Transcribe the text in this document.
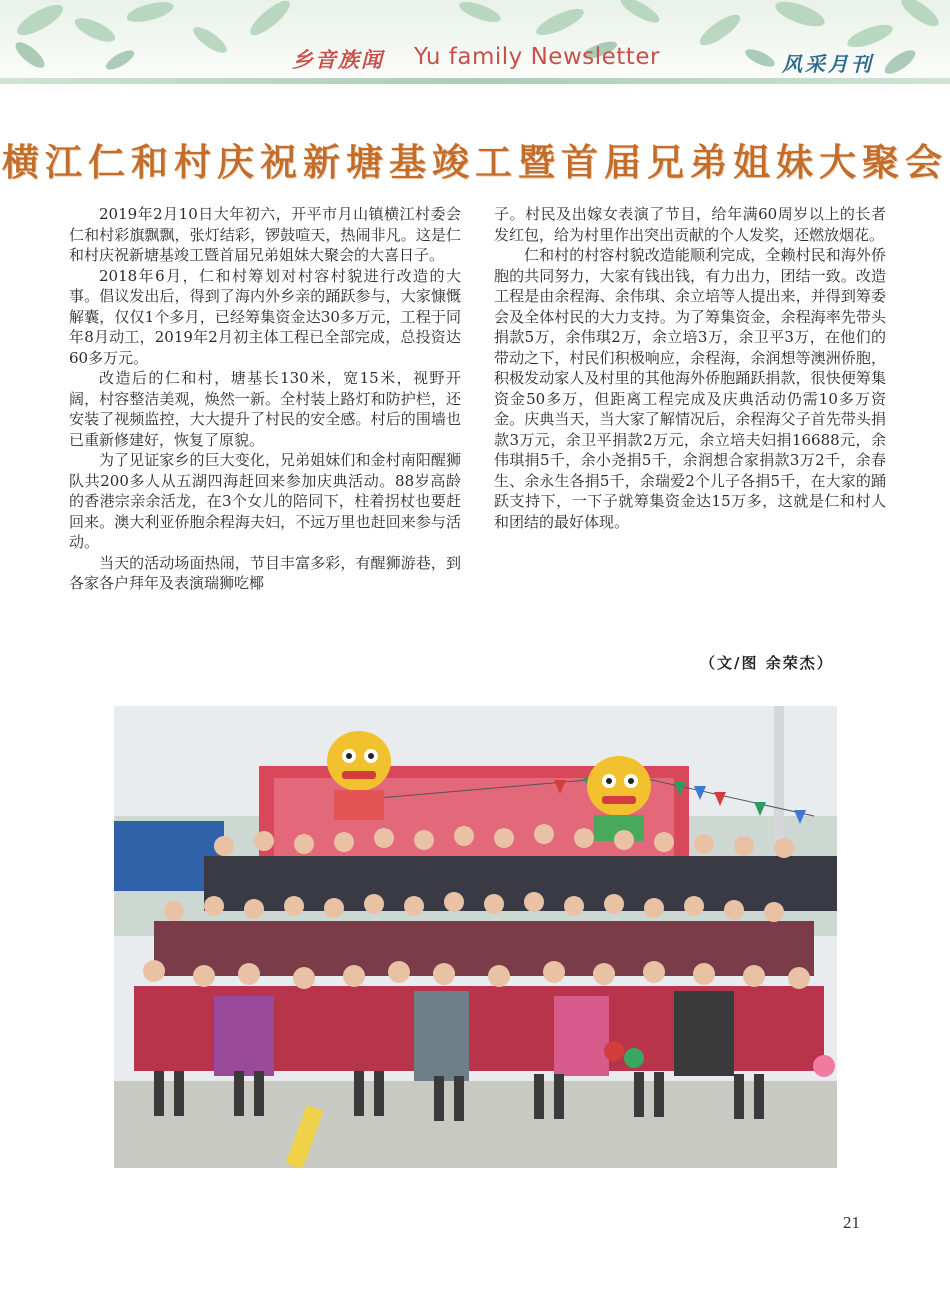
乡音族闻 Yu family Newsletter	风采月刊
横江仁和村庆祝新塘基竣工暨首届兄弟姐妹大聚会

2019年2月10日大年初六，开平市月山镇横江村委会仁和村彩旗飘飘，张灯结彩，锣鼓喧天，热闹非凡。这是仁和村庆祝新塘基竣工暨首届兄弟姐妹大聚会的大喜日子。

2018年6月，仁和村筹划对村容村貌进行改造的大事。倡议发出后，得到了海内外乡亲的踊跃参与，大家慷慨解囊，仅仅1个多月，已经筹集资金达30多万元，工程于同年8月动工，2019年2月初主体工程已全部完成，总投资达60多万元。

改造后的仁和村，塘基长130米，宽15米，视野开阔，村容整洁美观，焕然一新。全村装上路灯和防护栏，还安装了视频监控，大大提升了村民的安全感。村后的围墙也已重新修建好，恢复了原貌。

为了见证家乡的巨大变化，兄弟姐妹们和金村南阳醒狮队共200多人从五湖四海赶回来参加庆典活动。88岁高龄的香港宗亲余活龙，在3个女儿的陪同下，柱着拐杖也要赶回来。澳大利亚侨胞余程海夫妇，不远万里也赶回来参与活动。

当天的活动场面热闹，节目丰富多彩，有醒狮游巷，到各家各户拜年及表演瑞狮吃椰

子。村民及出嫁女表演了节目，给年满60周岁以上的长者发红包，给为村里作出突出贡献的个人发奖，还燃放烟花。

仁和村的村容村貌改造能顺利完成，全赖村民和海外侨胞的共同努力，大家有钱出钱，有力出力，团结一致。改造工程是由余程海、余伟琪、余立培等人提出来，并得到筹委会及全体村民的大力支持。为了筹集资金，余程海率先带头捐款5万，余伟琪2万，余立培3万，余卫平3万，在他们的带动之下，村民们积极响应，余程海，余润想等澳洲侨胞，积极发动家人及村里的其他海外侨胞踊跃捐款，很快便筹集资金50多万，但距离工程完成及庆典活动仍需10多万资金。庆典当天，当大家了解情况后，余程海父子首先带头捐款3万元，余卫平捐款2万元，余立培夫妇捐16688元，余伟琪捐5千，余小尧捐5千，余润想合家捐款3万2千，余春生、余永生各捐5千，余瑞爱2个儿子各捐5千，在大家的踊跃支持下，一下子就筹集资金达15万多，这就是仁和村人和团结的最好体现。

（文/图 余荣杰）
21
